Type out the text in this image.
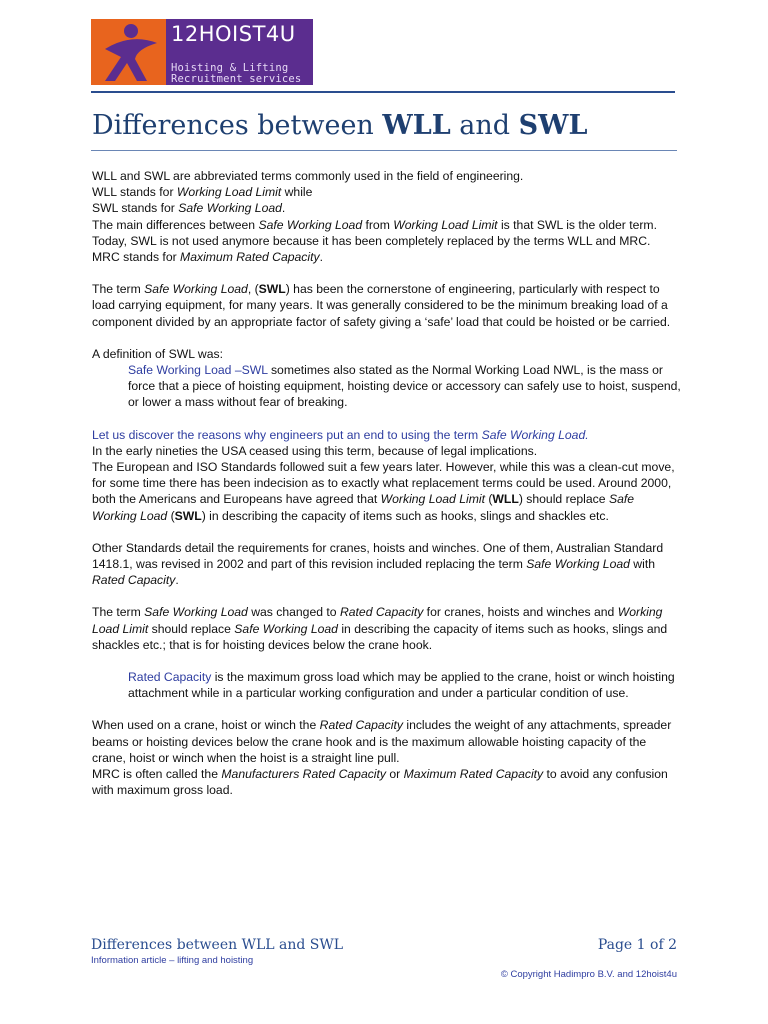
12HOIST4U
Hoisting & Lifting
Recruitment services
Differences between WLL and SWL

WLL and SWL are abbreviated terms commonly used in the field of engineering.
WLL stands for Working Load Limit while
SWL stands for Safe Working Load.
The main differences between Safe Working Load from Working Load Limit is that SWL is the older term. Today, SWL is not used anymore because it has been completely replaced by the terms WLL and MRC.
MRC stands for Maximum Rated Capacity.

The term Safe Working Load, (SWL) has been the cornerstone of engineering, particularly with respect to load carrying equipment, for many years. It was generally considered to be the minimum breaking load of a component divided by an appropriate factor of safety giving a ‘safe’ load that could be hoisted or be carried.

A definition of SWL was:
Safe Working Load –SWL sometimes also stated as the Normal Working Load NWL, is the mass or force that a piece of hoisting equipment, hoisting device or accessory can safely use to hoist, suspend, or lower a mass without fear of breaking.

Let us discover the reasons why engineers put an end to using the term Safe Working Load.
In the early nineties the USA ceased using this term, because of legal implications.
The European and ISO Standards followed suit a few years later. However, while this was a clean-cut move, for some time there has been indecision as to exactly what replacement terms could be used. Around 2000, both the Americans and Europeans have agreed that Working Load Limit (WLL) should replace Safe Working Load (SWL) in describing the capacity of items such as hooks, slings and shackles etc.

Other Standards detail the requirements for cranes, hoists and winches. One of them, Australian Standard 1418.1, was revised in 2002 and part of this revision included replacing the term Safe Working Load with Rated Capacity.

The term Safe Working Load was changed to Rated Capacity for cranes, hoists and winches and Working Load Limit should replace Safe Working Load in describing the capacity of items such as hooks, slings and shackles etc.; that is for hoisting devices below the crane hook.

Rated Capacity is the maximum gross load which may be applied to the crane, hoist or winch hoisting attachment while in a particular working configuration and under a particular condition of use.

When used on a crane, hoist or winch the Rated Capacity includes the weight of any attachments, spreader beams or hoisting devices below the crane hook and is the maximum allowable hoisting capacity of the crane, hoist or winch when the hoist is a straight line pull.
MRC is often called the Manufacturers Rated Capacity or Maximum Rated Capacity to avoid any confusion with maximum gross load.

Differences between WLL and SWL	Page 1 of 2
Information article – lifting and hoisting
© Copyright Hadimpro B.V. and 12hoist4u
